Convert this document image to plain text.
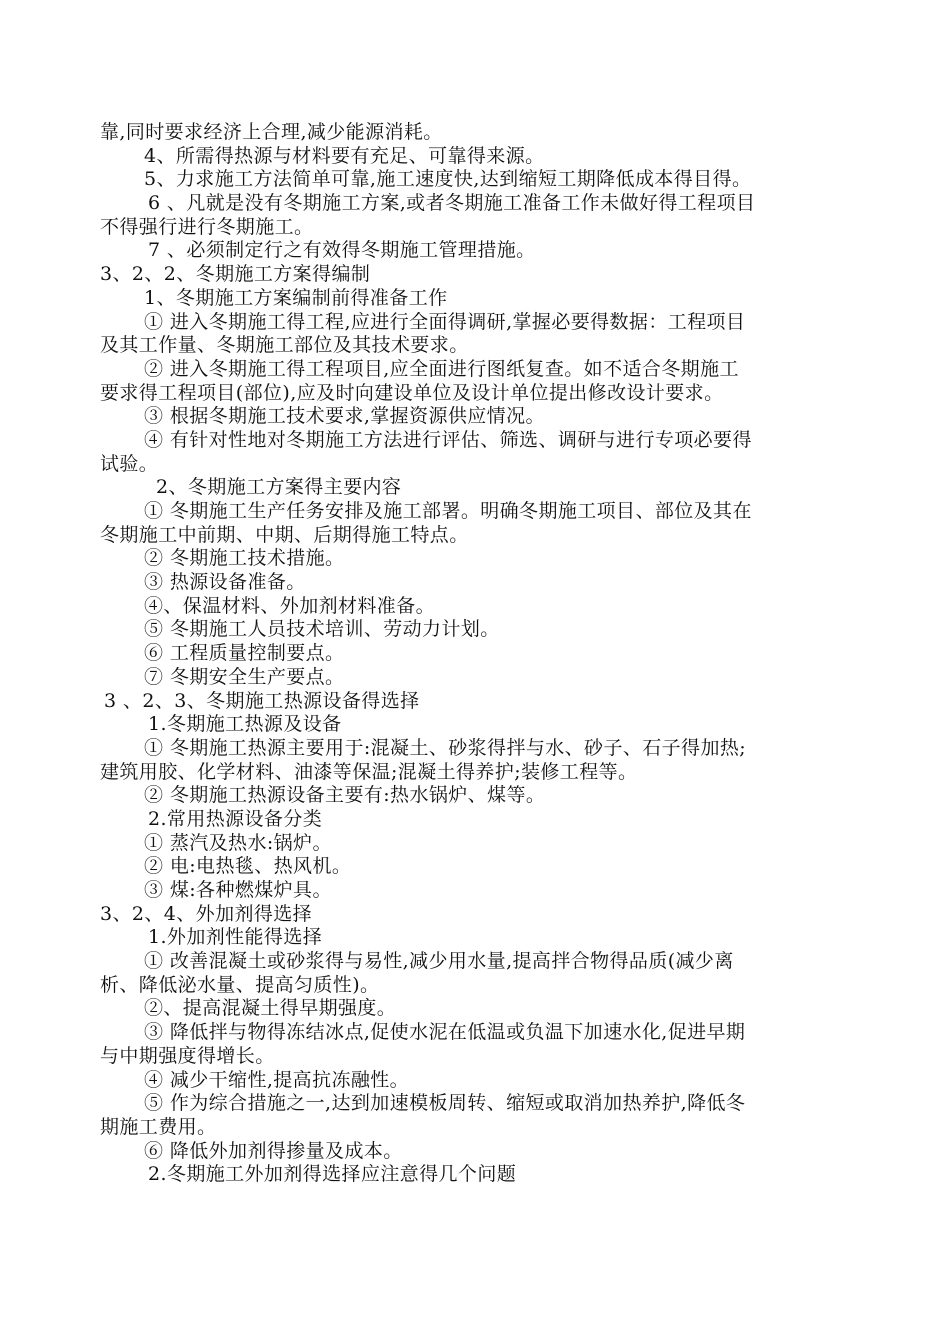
靠,同时要求经济上合理,减少能源消耗。
4、所需得热源与材料要有充足、可靠得来源。
5、力求施工方法简单可靠,施工速度快,达到缩短工期降低成本得目得。
6 、凡就是没有冬期施工方案,或者冬期施工准备工作未做好得工程项目
不得强行进行冬期施工。
7 、必须制定行之有效得冬期施工管理措施。
3、2、2、冬期施工方案得编制
1、冬期施工方案编制前得准备工作
① 进入冬期施工得工程,应进行全面得调研,掌握必要得数据：工程项目
及其工作量、冬期施工部位及其技术要求。
② 进入冬期施工得工程项目,应全面进行图纸复查。如不适合冬期施工
要求得工程项目(部位),应及时向建设单位及设计单位提出修改设计要求。
③ 根据冬期施工技术要求,掌握资源供应情况。
④ 有针对性地对冬期施工方法进行评估、筛选、调研与进行专项必要得
试验。
2、冬期施工方案得主要内容
① 冬期施工生产任务安排及施工部署。明确冬期施工项目、部位及其在
冬期施工中前期、中期、后期得施工特点。
② 冬期施工技术措施。
③ 热源设备准备。
④、保温材料、外加剂材料准备。
⑤ 冬期施工人员技术培训、劳动力计划。
⑥ 工程质量控制要点。
⑦ 冬期安全生产要点。
3 、2、3、冬期施工热源设备得选择
1.冬期施工热源及设备
① 冬期施工热源主要用于:混凝土、砂浆得拌与水、砂子、石子得加热;
建筑用胶、化学材料、油漆等保温;混凝土得养护;装修工程等。
② 冬期施工热源设备主要有:热水锅炉、煤等。
2.常用热源设备分类
① 蒸汽及热水:锅炉。
② 电:电热毯、热风机。
③ 煤:各种燃煤炉具。
3、2、4、外加剂得选择
1.外加剂性能得选择
① 改善混凝土或砂浆得与易性,减少用水量,提高拌合物得品质(减少离
析、降低泌水量、提高匀质性)。
②、提高混凝土得早期强度。
③ 降低拌与物得冻结冰点,促使水泥在低温或负温下加速水化,促进早期
与中期强度得增长。
④ 减少干缩性,提高抗冻融性。
⑤ 作为综合措施之一,达到加速模板周转、缩短或取消加热养护,降低冬
期施工费用。
⑥ 降低外加剂得掺量及成本。
2.冬期施工外加剂得选择应注意得几个问题
